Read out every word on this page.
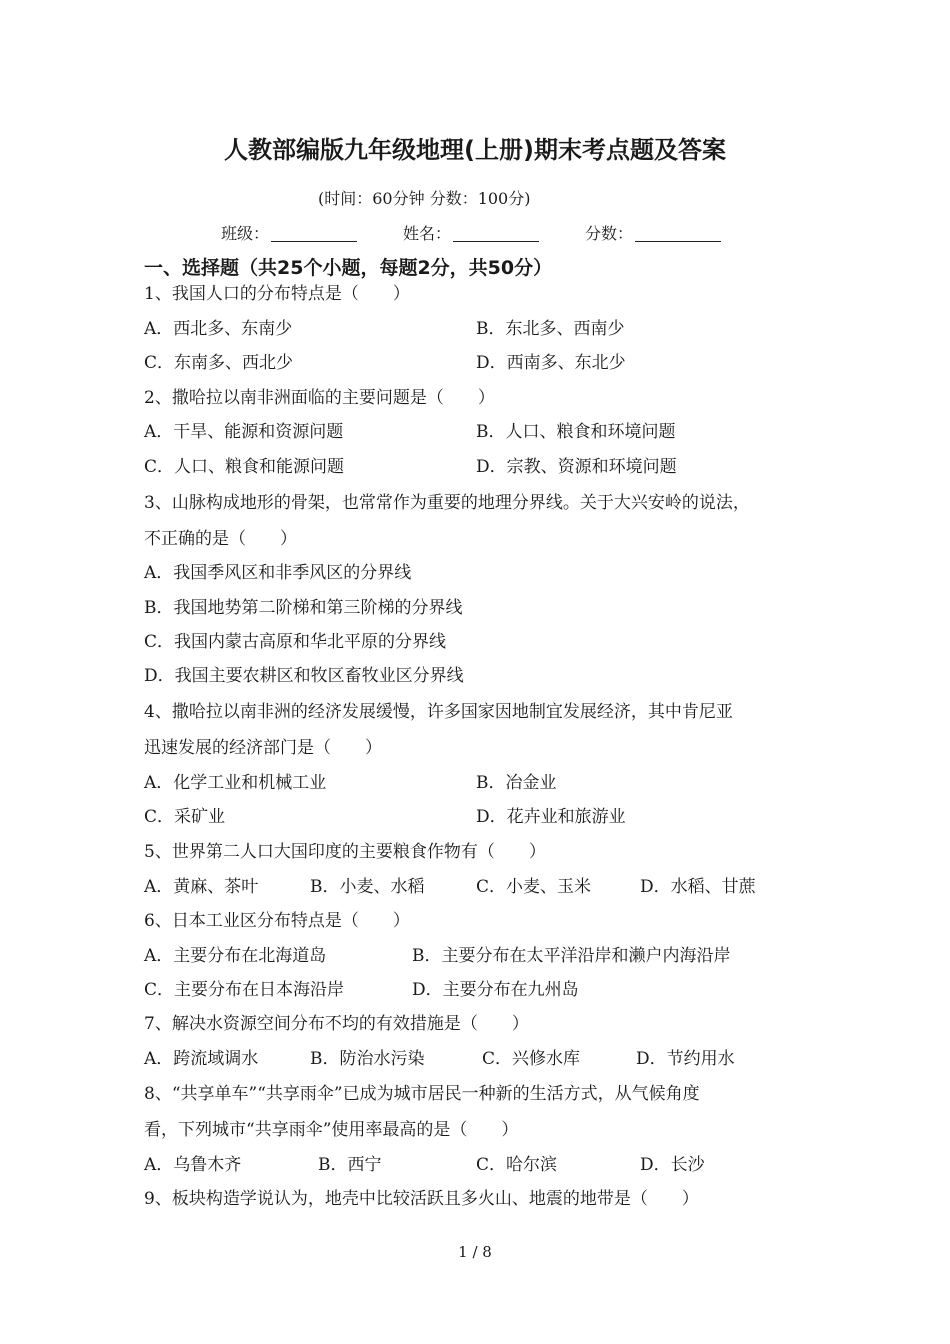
人教部编版九年级地理(上册)期末考点题及答案
(时间：60分钟 分数：100分)
班级：	姓名：	分数：
一、选择题（共25个小题，每题2分，共50分）
1、我国人口的分布特点是（　　）
A．西北多、东南少	B．东北多、西南少
C．东南多、西北少	D．西南多、东北少
2、撒哈拉以南非洲面临的主要问题是（　　）
A．干旱、能源和资源问题	B．人口、粮食和环境问题
C．人口、粮食和能源问题	D．宗教、资源和环境问题
3、山脉构成地形的骨架，也常常作为重要的地理分界线。关于大兴安岭的说法，
不正确的是（　　）
A．我国季风区和非季风区的分界线
B．我国地势第二阶梯和第三阶梯的分界线
C．我国内蒙古高原和华北平原的分界线
D．我国主要农耕区和牧区畜牧业区分界线
4、撒哈拉以南非洲的经济发展缓慢，许多国家因地制宜发展经济，其中肯尼亚
迅速发展的经济部门是（　　）
A．化学工业和机械工业	B．冶金业
C．采矿业	D．花卉业和旅游业
5、世界第二人口大国印度的主要粮食作物有（　　）
A．黄麻、茶叶	B．小麦、水稻	C．小麦、玉米	D．水稻、甘蔗
6、日本工业区分布特点是（　　）
A．主要分布在北海道岛	B．主要分布在太平洋沿岸和濑户内海沿岸
C．主要分布在日本海沿岸	D．主要分布在九州岛
7、解决水资源空间分布不均的有效措施是（　　）
A．跨流域调水	B．防治水污染	C．兴修水库	D．节约用水
8、“共享单车”“共享雨伞”已成为城市居民一种新的生活方式，从气候角度
看，下列城市“共享雨伞”使用率最高的是（　　）
A．乌鲁木齐	B．西宁	C．哈尔滨	D．长沙
9、板块构造学说认为，地壳中比较活跃且多火山、地震的地带是（　　）
1 / 8
